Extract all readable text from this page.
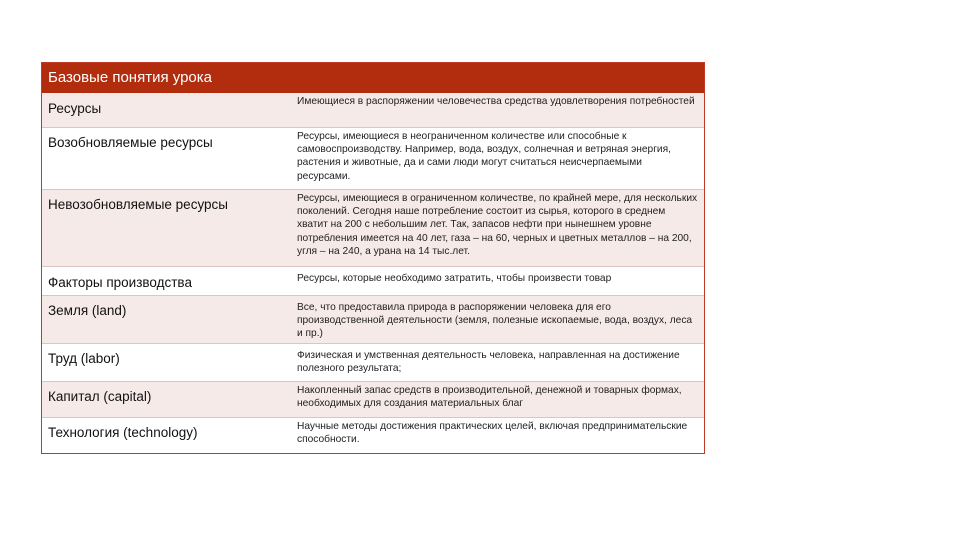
Базовые понятия урока
Ресурсы	Имеющиеся в распоряжении человечества средства удовлетворения потребностей
Возобновляемые ресурсы	Ресурсы, имеющиеся в неограниченном количестве или способные к самовоспроизводству. Например, вода, воздух, солнечная и ветряная энергия, растения и животные, да и сами люди могут считаться неисчерпаемыми ресурсами.
Невозобновляемые ресурсы	Ресурсы, имеющиеся в ограниченном количестве, по крайней мере, для нескольких поколений. Сегодня наше потребление состоит из сырья, которого в среднем хватит на 200 с небольшим лет. Так, запасов нефти при нынешнем уровне потребления имеется на 40 лет, газа – на 60, черных и цветных металлов – на 200, угля – на 240, а урана на 14 тыс.лет.
Факторы производства	Ресурсы, которые необходимо затратить, чтобы произвести товар
Земля (land)	Все, что предоставила природа в распоряжении человека для его производственной деятельности (земля, полезные ископаемые, вода, воздух, леса и пр.)
Труд (labor)	Физическая и умственная деятельность человека, направленная на достижение полезного результата;
Капитал (capital)	Накопленный запас средств в производительной, денежной и товарных формах, необходимых для создания материальных благ
Технология (technology)	Научные методы достижения практических целей, включая предпринимательские способности.
